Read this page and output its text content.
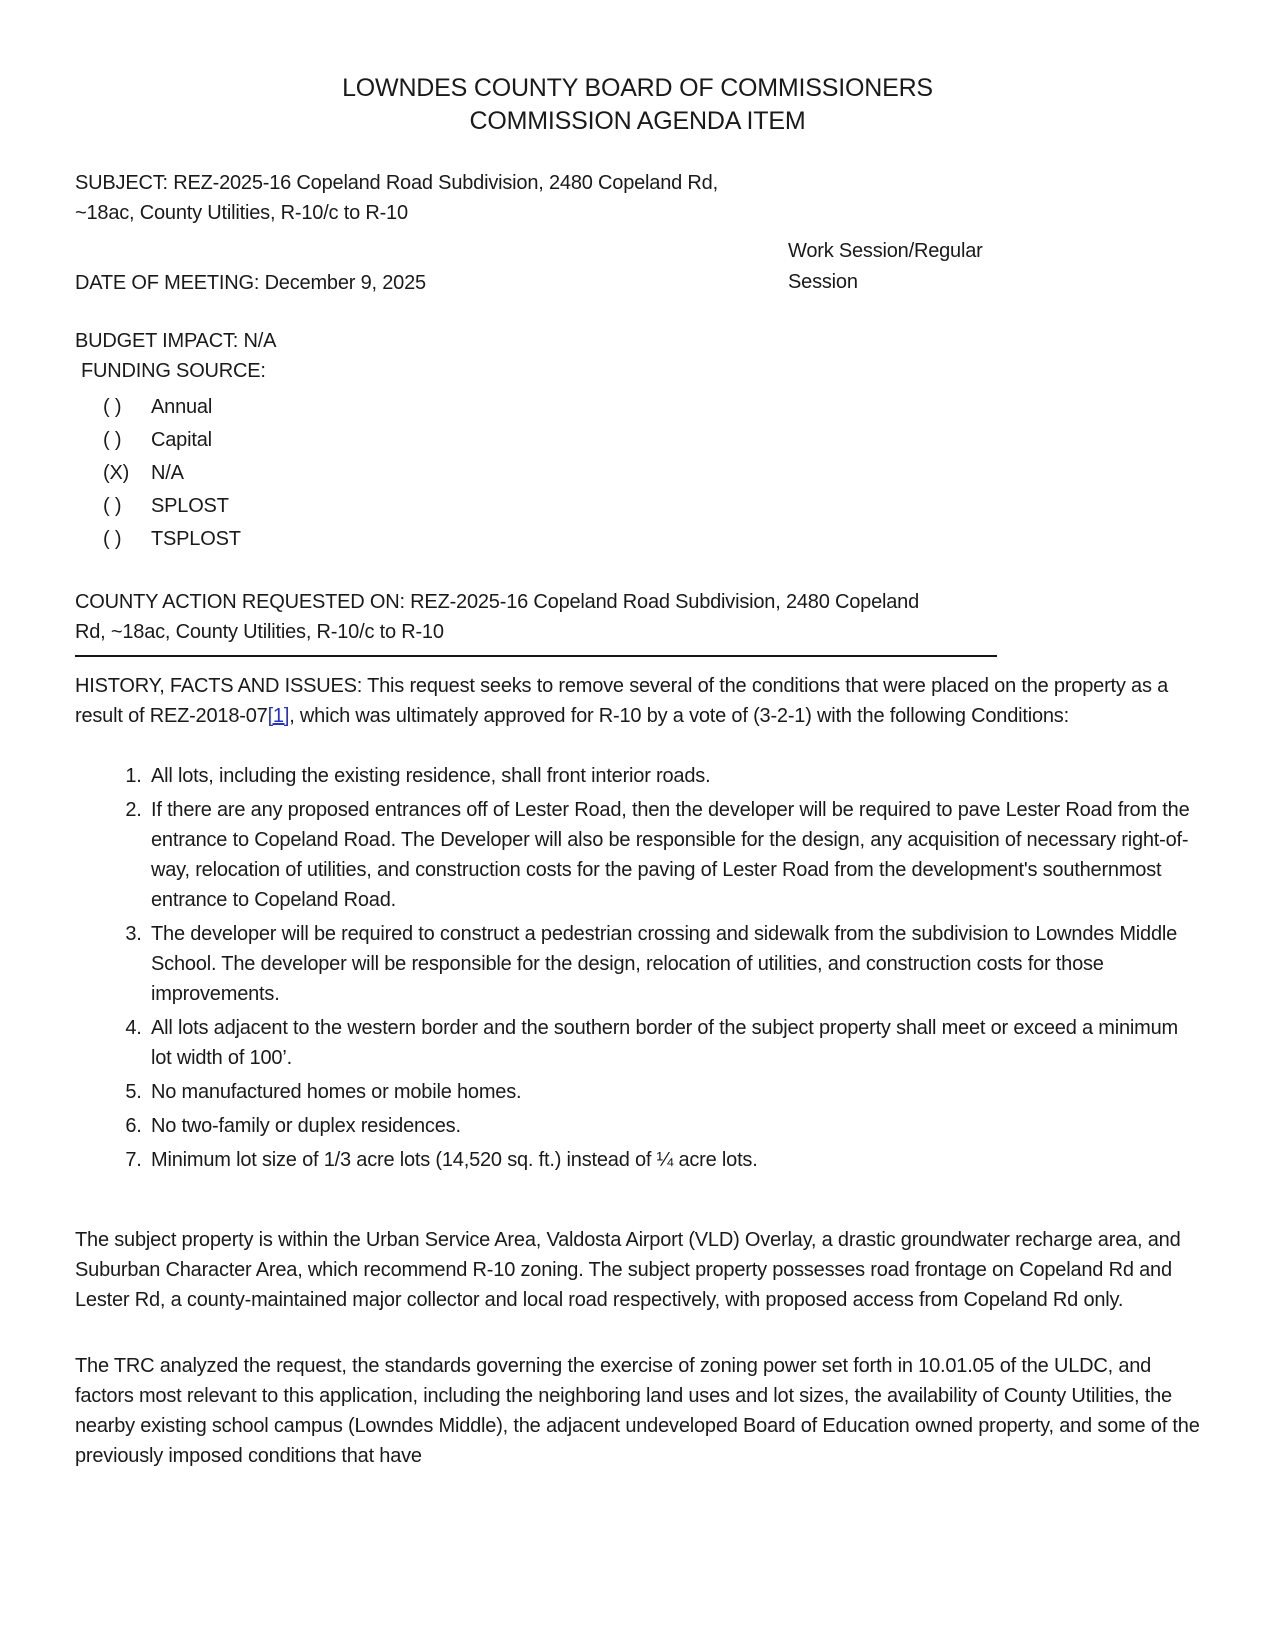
LOWNDES COUNTY BOARD OF COMMISSIONERS
COMMISSION AGENDA ITEM

SUBJECT: REZ-2025-16 Copeland Road Subdivision, 2480 Copeland Rd, ~18ac, County Utilities, R-10/c to R-10

Work Session/Regular Session

DATE OF MEETING: December 9, 2025

BUDGET IMPACT: N/A

FUNDING SOURCE:

( )	Annual
( )	Capital
(X)	N/A
( )	SPLOST
( )	TSPLOST

COUNTY ACTION REQUESTED ON: REZ-2025-16 Copeland Road Subdivision, 2480 Copeland Rd, ~18ac, County Utilities, R-10/c to R-10

HISTORY, FACTS AND ISSUES: This request seeks to remove several of the conditions that were placed on the property as a result of REZ-2018-07[1], which was ultimately approved for R-10 by a vote of (3-2-1) with the following Conditions:

1. All lots, including the existing residence, shall front interior roads.
2. If there are any proposed entrances off of Lester Road, then the developer will be required to pave Lester Road from the entrance to Copeland Road. The Developer will also be responsible for the design, any acquisition of necessary right-of-way, relocation of utilities, and construction costs for the paving of Lester Road from the development's southernmost entrance to Copeland Road.
3. The developer will be required to construct a pedestrian crossing and sidewalk from the subdivision to Lowndes Middle School. The developer will be responsible for the design, relocation of utilities, and construction costs for those improvements.
4. All lots adjacent to the western border and the southern border of the subject property shall meet or exceed a minimum lot width of 100’.
5. No manufactured homes or mobile homes.
6. No two-family or duplex residences.
7. Minimum lot size of 1/3 acre lots (14,520 sq. ft.) instead of ¼ acre lots.

The subject property is within the Urban Service Area, Valdosta Airport (VLD) Overlay, a drastic groundwater recharge area, and Suburban Character Area, which recommend R-10 zoning. The subject property possesses road frontage on Copeland Rd and Lester Rd, a county-maintained major collector and local road respectively, with proposed access from Copeland Rd only.

The TRC analyzed the request, the standards governing the exercise of zoning power set forth in 10.01.05 of the ULDC, and factors most relevant to this application, including the neighboring land uses and lot sizes, the availability of County Utilities, the nearby existing school campus (Lowndes Middle), the adjacent undeveloped Board of Education owned property, and some of the previously imposed conditions that have
